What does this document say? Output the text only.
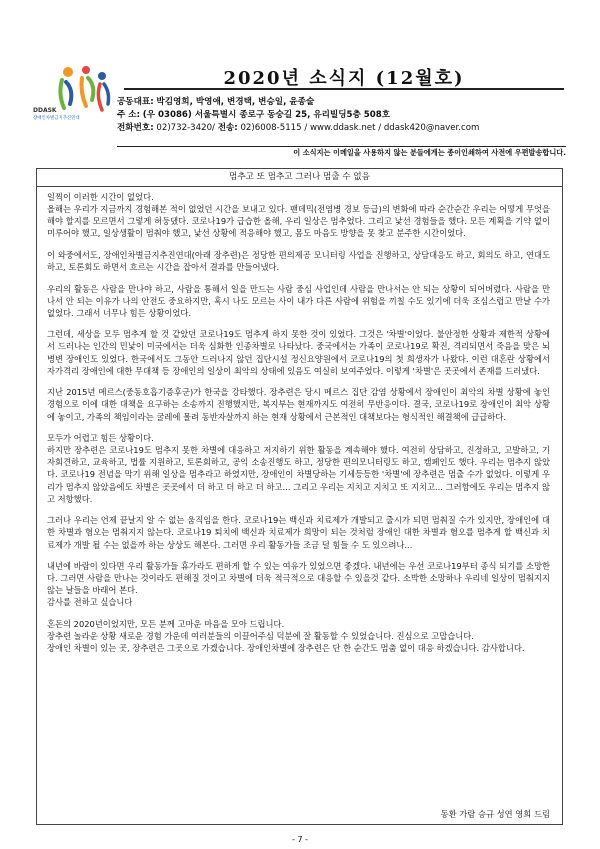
DDASK
장애인차별금지추진연대
2020년 소식지 (12월호)
공동대표: 박김영희, 박영애, 변경택, 변승일, 윤종술
주 소: (우 03086) 서울특별시 종로구 동숭길 25, 유리빌딩5층 508호
전화번호: 02)732-3420/ 전송: 02)6008-5115 / www.ddask.net / ddask420@naver.com
이 소식지는 이메일을 사용하지 않는 분들에게는 종이인쇄하여 사전에 우편발송합니다.
멈추고 또 멈추고 그러나 멈출 수 없음

일찍이 이러한 시간이 없었다.
올해는 우리가 지금까지 경험해본 적이 없었던 시간을 보내고 있다. 팬데믹(전염병 경보 등급)의 변화에 따라 순간순간 우리는 어떻게 무엇을 해야 할지를 모르면서 그렇게 허둥댔다. 코로나19가 급습한 올해, 우리 일상은 멈추었다. 그리고 낯선 경험들을 했다. 모든 계획을 기약 없이 미루어야 했고, 일상생활이 멈춰야 했고, 낯선 상황에 적응해야 했고, 몸도 마음도 방향을 못 찾고 분주한 시간이었다.

이 와중에서도, 장애인차별금지추진연대(아래 장추련)은 정당한 편의제공 모니터링 사업을 진행하고, 상담대응도 하고, 회의도 하고, 연대도 하고, 토론회도 하면서 흐르는 시간을 잡아서 결과를 만들어냈다.

우리의 활동은 사람을 만나야 하고, 사람을 통해서 일을 만드는 사람 중심 사업인데 사람을 만나서는 안 되는 상황이 되어버렸다. 사람을 만나서 안 되는 이유가 나의 안전도 중요하지만, 혹시 나도 모르는 사이 내가 다른 사람에 위험을 끼칠 수도 있기에 더욱 조심스럽고 만날 수가 없었다. 그래서 너무나 힘든 상황이었다.

그런데, 세상을 모두 멈추게 할 것 같았던 코로나19도 멈추게 하지 못한 것이 있었다. 그것은 '차별'이었다. 불안정한 상황과 제한적 상황에서 드러나는 인간의 민낯이 미국에서는 더욱 심화한 인종차별로 나타났다. 중국에서는 가족이 코로나19로 확진, 격리되면서 죽음을 맞은 뇌병변 장애인도 있었다. 한국에서도 그동안 드러나지 않던 집단시설 정신요양원에서 코로나19의 첫 희생자가 나왔다. 이런 대혼란 상황에서 자가격리 장애인에 대한 무대책 등 장애인의 일상이 최악의 상태에 있음도 여실히 보여주었다. 이렇게 '차별'은 곳곳에서 존재를 드러냈다.

지난 2015년 메르스(중동호흡기증후군)가 한국을 강타했다. 장추련은 당시 메르스 집단 감염 상황에서 장애인이 최악의 차별 상황에 놓인 경험으로 이에 대한 대책을 요구하는 소송까지 진행했지만, 복지부는 현재까지도 여전히 무반응이다. 결국, 코로나19로 장애인이 최악 상황에 놓이고, 가족의 책임이라는 굴레에 몰려 동반자살까지 하는 현재 상황에서 근본적인 대책보다는 형식적인 해결책에 급급하다.

모두가 어렵고 힘든 상황이다.
하지만 장추련은 코로나19도 멈추지 못한 차별에 대응하고 저지하기 위한 활동을 계속해야 했다. 여전히 상담하고, 진정하고, 고발하고, 기자회견하고, 교육하고, 법률 지원하고, 토론회하고, 공익 소송진행도 하고, 정당한 편의모니터링도 하고, 캠페인도 했다. 우리는 멈추지 않았다. 코로나19 전념을 막기 위해 일상을 멈추라고 하였지만, 장애인이 차별당하는 기세등등한 '차별'에 장추련은 멈출 수가 없었다. 이렇게 우리가 멈추지 않았음에도 차별은 곳곳에서 더 하고 더 하고 더 하고... 그리고 우리는 지치고 지치고 또 지치고... 그러함에도 우리는 멈추지 않고 저항했다.

그러나 우리는 언제 끝날지 알 수 없는 움직임을 한다. 코로나19는 백신과 치료제가 개발되고 출시가 되면 멈춰질 수가 있지만, 장애인에 대한 차별과 혐오는 멈춰지지 않는다. 코로나19 퇴치에 백신과 치료제가 희망이 되는 것처럼 장애인 대한 차별과 혐오를 멈추게 할 백신과 치료제가 개발 될 수는 없을까 하는 상상도 해본다. 그러면 우리 활동가들 조금 덜 힘들 수 도 있으려나...

내년에 바람이 있다면 우리 활동가들 휴가라도 편하게 할 수 있는 여유가 있었으면 좋겠다. 내년에는 우선 코로나19부터 종식 되기를 소망한다. 그러면 사람을 만나는 것이라도 편해질 것이고 차별에 더욱 적극적으로 대응할 수 있을것 같다. 소박한 소망하나 우리네 일상이 멈춰지지 않는 날들을 바래어 본다.
감사를 전하고 싶습니다

혼돈의 2020년이었지만, 모든 분께 고마운 마음을 모아 드립니다.
장추련 놀라운 상황 새로운 경험 가운데 여러분들의 이끌어주심 덕분에 잘 활동할 수 있었습니다. 진심으로 고맙습니다.
장애인 차별이 있는 곳, 장추련은 그곳으로 가겠습니다. 장애인차별에 장추련은 단 한 순간도 멈춤 없이 대응 하겠습니다. 감사합니다.

동환 가람 승규 성연 영희 드림
- 7 -
